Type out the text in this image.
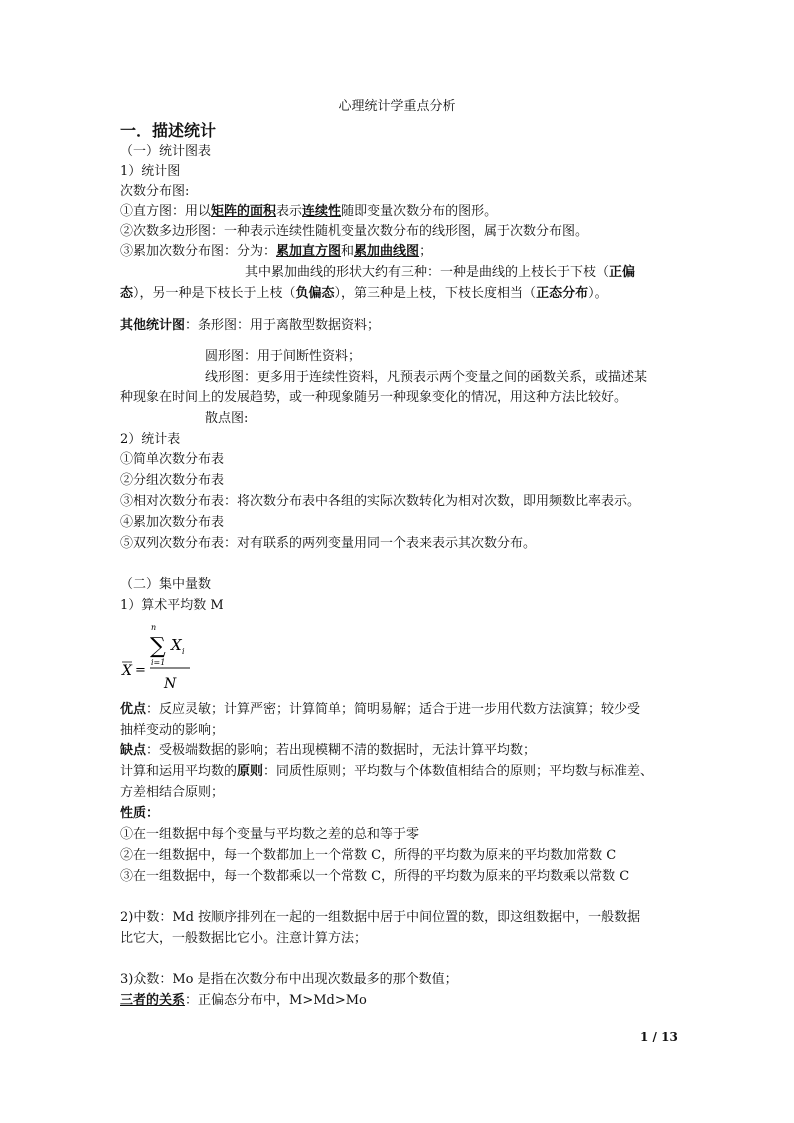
心理统计学重点分析
一．描述统计
（一）统计图表
1）统计图
次数分布图:
①直方图：用以矩阵的面积表示连续性随即变量次数分布的图形。
②次数多边形图：一种表示连续性随机变量次数分布的线形图，属于次数分布图。
③累加次数分布图：分为：累加直方图和累加曲线图；
其中累加曲线的形状大约有三种：一种是曲线的上枝长于下枝（正偏
态），另一种是下枝长于上枝（负偏态），第三种是上枝，下枝长度相当（正态分布）。
其他统计图：条形图：用于离散型数据资料；
圆形图：用于间断性资料；
线形图：更多用于连续性资料，凡预表示两个变量之间的函数关系，或描述某
种现象在时间上的发展趋势，或一种现象随另一种现象变化的情况，用这种方法比较好。
散点图:
2）统计表
①简单次数分布表
②分组次数分布表
③相对次数分布表：将次数分布表中各组的实际次数转化为相对次数，即用频数比率表示。
④累加次数分布表
⑤双列次数分布表：对有联系的两列变量用同一个表来表示其次数分布。
（二）集中量数
1）算术平均数 M
X =
n
∑
i=1
X i
N
优点：反应灵敏；计算严密；计算简单；简明易解；适合于进一步用代数方法演算；较少受
抽样变动的影响；
缺点：受极端数据的影响；若出现模糊不清的数据时，无法计算平均数；
计算和运用平均数的原则：同质性原则；平均数与个体数值相结合的原则；平均数与标准差、
方差相结合原则；
性质：
①在一组数据中每个变量与平均数之差的总和等于零
②在一组数据中，每一个数都加上一个常数 C，所得的平均数为原来的平均数加常数 C
③在一组数据中，每一个数都乘以一个常数 C，所得的平均数为原来的平均数乘以常数 C
2)中数：Md 按顺序排列在一起的一组数据中居于中间位置的数，即这组数据中，一般数据
比它大，一般数据比它小。注意计算方法；
3)众数：Mo 是指在次数分布中出现次数最多的那个数值；
三者的关系：正偏态分布中，M>Md>Mo
1 / 13
